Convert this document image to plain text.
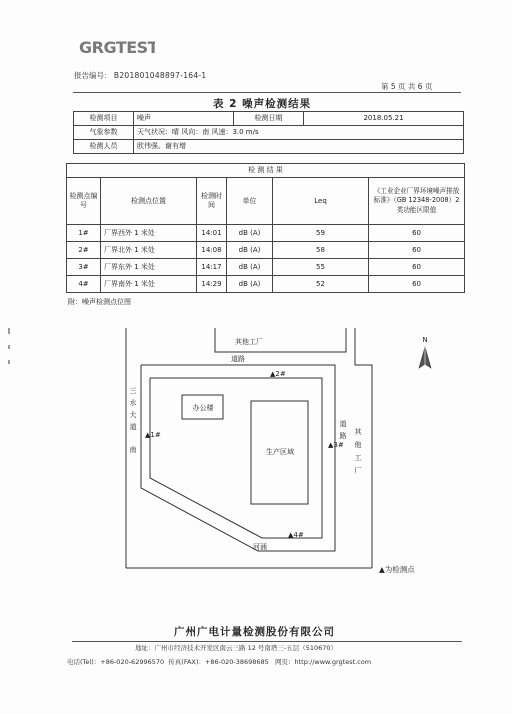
GRGTEST
报告编号： B201801048897-164-1
第 5 页 共 6 页
表 2 噪声检测结果
检测项目	噪声	检测日期	2018.05.21
气象参数	天气状况：晴 风向：南 风速：3.0 m/s		
检测人员	欧伟强、谢有增		
检 测 结 果					
检测点编号	检测点位置	检测时间	单位	Leq	《工业企业厂界环境噪声排放标准》（GB 12348-2008）2 类功能区限值
1#	厂界西外 1 米处	14:01	dB (A)	59	60
2#	厂界北外 1 米处	14:08	dB (A)	58	60
3#	厂界东外 1 米处	14:17	dB (A)	55	60
4#	厂界南外 1 米处	14:29	dB (A)	52	60
附：噪声检测点位图
其他工厂
道路
办公楼
生产区域
河涌
三
水
大
道
南
道
路 其
他
工
厂
▲1#
▲2#
▲3#
▲4#
N
▲为检测点
广州广电计量检测股份有限公司
地址：广州市经济技术开发区南云三路 12 号南塔三-五层（510670）
电话(Tel)：+86-020-62996570 传真(FAX)：+86-020-38698685 网页：http://www.grgtest.com
